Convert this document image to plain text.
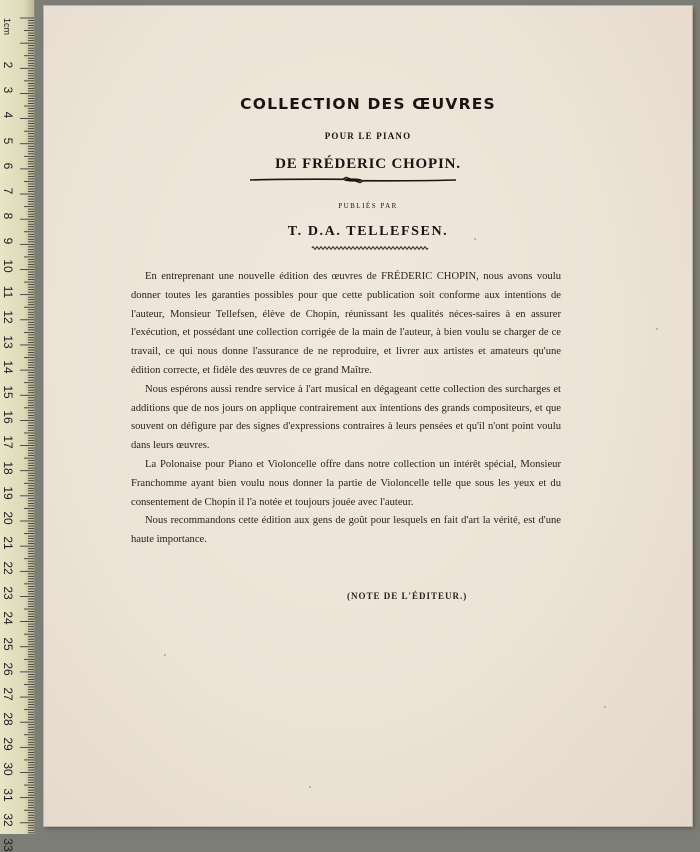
1cm
2
3
4
5
6
7
8
9
10
11
12
13
14
15
16
17
18
19
20
21
22
23
24
25
26
27
28
29
30
31
32
33
COLLECTION DES ŒUVRES
POUR LE PIANO
DE FRÉDERIC CHOPIN.
PUBLIÉS PAR
T. D.A. TELLEFSEN.

En entreprenant une nouvelle édition des œuvres de FRÉDERIC CHOPIN, nous avons voulu donner toutes les garanties possibles pour que cette publication soit conforme aux intentions de l'auteur, Monsieur Tellefsen, élève de Chopin, réunissant les qualités néces-saires à en assurer l'exécution, et possédant une collection corrigée de la main de l'auteur, à bien voulu se charger de ce travail, ce qui nous donne l'assurance de ne reproduire, et livrer aux artistes et amateurs qu'une édition correcte, et fidèle des œuvres de ce grand Maître.

Nous espérons aussi rendre service à l'art musical en dégageant cette collection des surcharges et additions que de nos jours on applique contrairement aux intentions des grands compositeurs, et que souvent on défigure par des signes d'expressions contraires à leurs pensées et qu'il n'ont point voulu dans leurs œuvres.

La Polonaise pour Piano et Violoncelle offre dans notre collection un intérêt spécial, Monsieur Franchomme ayant bien voulu nous donner la partie de Violoncelle telle que sous les yeux et du consentement de Chopin il l'a notée et toujours jouée avec l'auteur.

Nous recommandons cette édition aux gens de goût pour lesquels en fait d'art la vérité, est d'une haute importance.

(NOTE DE L'ÉDITEUR.)
